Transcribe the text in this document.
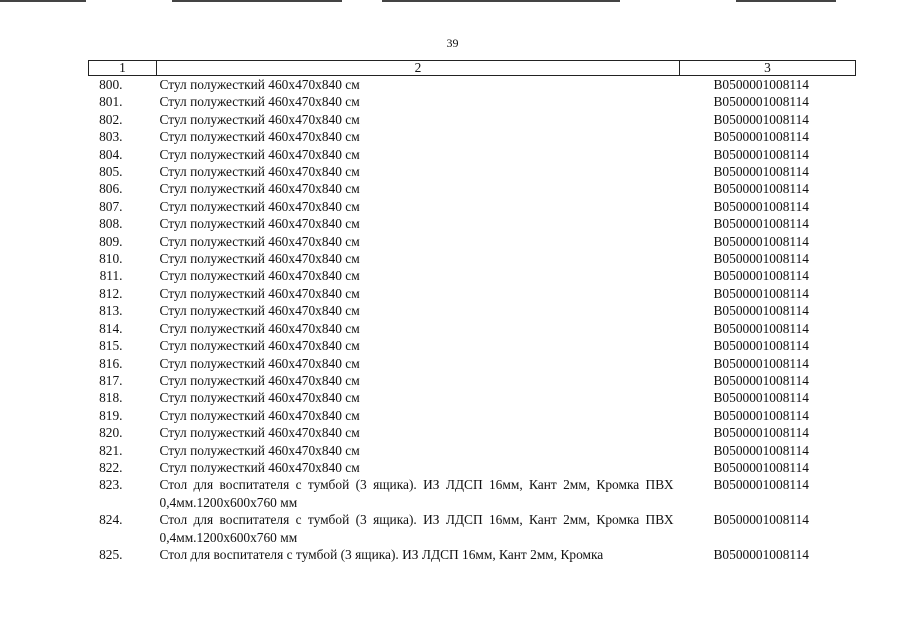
39
1	2	3
800.	Стул полужесткий 460х470х840 см	B0500001008114
801.	Стул полужесткий 460х470х840 см	B0500001008114
802.	Стул полужесткий 460х470х840 см	B0500001008114
803.	Стул полужесткий 460х470х840 см	B0500001008114
804.	Стул полужесткий 460х470х840 см	B0500001008114
805.	Стул полужесткий 460х470х840 см	B0500001008114
806.	Стул полужесткий 460х470х840 см	B0500001008114
807.	Стул полужесткий 460х470х840 см	B0500001008114
808.	Стул полужесткий 460х470х840 см	B0500001008114
809.	Стул полужесткий 460х470х840 см	B0500001008114
810.	Стул полужесткий 460х470х840 см	B0500001008114
811.	Стул полужесткий 460х470х840 см	B0500001008114
812.	Стул полужесткий 460х470х840 см	B0500001008114
813.	Стул полужесткий 460х470х840 см	B0500001008114
814.	Стул полужесткий 460х470х840 см	B0500001008114
815.	Стул полужесткий 460х470х840 см	B0500001008114
816.	Стул полужесткий 460х470х840 см	B0500001008114
817.	Стул полужесткий 460х470х840 см	B0500001008114
818.	Стул полужесткий 460х470х840 см	B0500001008114
819.	Стул полужесткий 460х470х840 см	B0500001008114
820.	Стул полужесткий 460х470х840 см	B0500001008114
821.	Стул полужесткий 460х470х840 см	B0500001008114
822.	Стул полужесткий 460х470х840 см	B0500001008114
823.	Стол для воспитателя с тумбой (3 ящика). ИЗ ЛДСП 16мм, Кант 2мм, Кромка ПВХ 0,4мм.1200х600х760 мм	B0500001008114
824.	Стол для воспитателя с тумбой (3 ящика). ИЗ ЛДСП 16мм, Кант 2мм, Кромка ПВХ 0,4мм.1200х600х760 мм	B0500001008114
825.	Стол для воспитателя с тумбой (3 ящика). ИЗ ЛДСП 16мм, Кант 2мм, Кромка	B0500001008114
